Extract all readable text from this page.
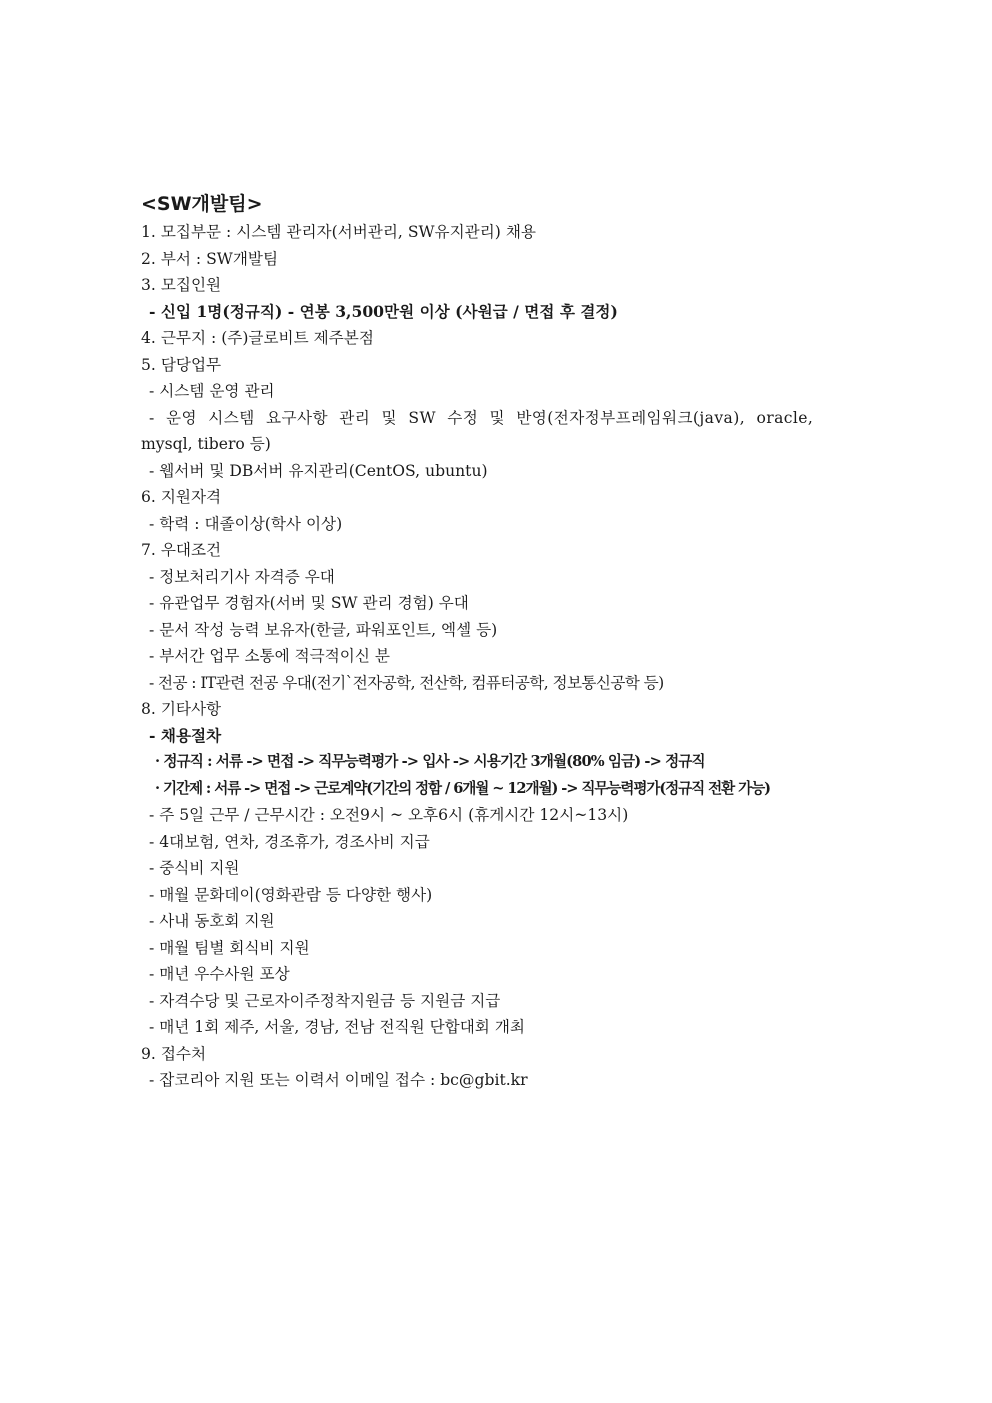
<SW개발팀>
1. 모집부문 : 시스템 관리자(서버관리, SW유지관리) 채용
2. 부서 : SW개발팀
3. 모집인원
- 신입 1명(정규직) - 연봉 3,500만원 이상 (사원급 / 면접 후 결정)
4. 근무지 : (주)글로비트 제주본점
5. 담당업무
- 시스템 운영 관리
- 운영 시스템 요구사항 관리 및 SW 수정 및 반영(전자정부프레임워크(java), oracle,
mysql, tibero 등)
- 웹서버 및 DB서버 유지관리(CentOS, ubuntu)
6. 지원자격
- 학력 : 대졸이상(학사 이상)
7. 우대조건
- 정보처리기사 자격증 우대
- 유관업무 경험자(서버 및 SW 관리 경험) 우대
- 문서 작성 능력 보유자(한글, 파워포인트, 엑셀 등)
- 부서간 업무 소통에 적극적이신 분
- 전공 : IT관련 전공 우대(전기`전자공학, 전산학, 컴퓨터공학, 정보통신공학 등)
8. 기타사항
- 채용절차
· 정규직 : 서류 -> 면접 -> 직무능력평가 -> 입사 -> 시용기간 3개월(80% 임금) -> 정규직
· 기간제 : 서류 -> 면접 -> 근로계약(기간의 정함 / 6개월 ~ 12개월) -> 직무능력평가(정규직 전환 가능)
- 주 5일 근무 / 근무시간 : 오전9시 ~ 오후6시 (휴게시간 12시~13시)
- 4대보험, 연차, 경조휴가, 경조사비 지급
- 중식비 지원
- 매월 문화데이(영화관람 등 다양한 행사)
- 사내 동호회 지원
- 매월 팀별 회식비 지원
- 매년 우수사원 포상
- 자격수당 및 근로자이주정착지원금 등 지원금 지급
- 매년 1회 제주, 서울, 경남, 전남 전직원 단합대회 개최
9. 접수처
- 잡코리아 지원 또는 이력서 이메일 접수 : bc@gbit.kr
